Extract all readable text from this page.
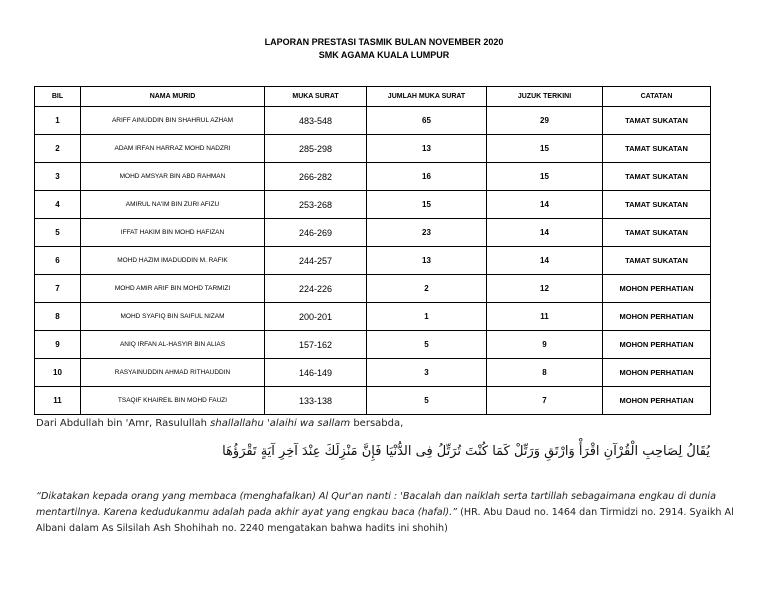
LAPORAN PRESTASI TASMIK BULAN NOVEMBER 2020
SMK AGAMA KUALA LUMPUR
BIL	NAMA MURID	MUKA SURAT	JUMLAH MUKA SURAT	JUZUK TERKINI	CATATAN
1	ARIFF AINUDDIN BIN SHAHRUL AZHAM	483-548	65	29	TAMAT SUKATAN
2	ADAM IRFAN HARRAZ MOHD NADZRI	285-298	13	15	TAMAT SUKATAN
3	MOHD AMSYAR BIN ABD RAHMAN	266-282	16	15	TAMAT SUKATAN
4	AMIRUL NA'IM BIN ZURI AFIZU	253-268	15	14	TAMAT SUKATAN
5	IFFAT HAKIM BIN MOHD HAFIZAN	246-269	23	14	TAMAT SUKATAN
6	MOHD HAZIM IMADUDDIN M. RAFIK	244-257	13	14	TAMAT SUKATAN
7	MOHD AMIR ARIF BIN MOHD TARMIZI	224-226	2	12	MOHON PERHATIAN
8	MOHD SYAFIQ BIN SAIFUL NIZAM	200-201	1	11	MOHON PERHATIAN
9	ANIQ IRFAN AL-HASYIR BIN ALIAS	157-162	5	9	MOHON PERHATIAN
10	RASYAINUDDIN AHMAD RITHAUDDIN	146-149	3	8	MOHON PERHATIAN
11	TSAQIF KHAIREIL BIN MOHD FAUZI	133-138	5	7	MOHON PERHATIAN
Dari Abdullah bin 'Amr, Rasulullah shallallahu 'alaihi wa sallam bersabda,
يُقَالُ لِصَاحِبِ الْقُرْآنِ اقْرَأْ وَارْتَقِ وَرَتِّلْ كَمَا كُنْتَ تُرَتِّلُ فِى الدُّنْيَا فَإِنَّ مَنْزِلَكَ عِنْدَ آخِرِ آيَةٍ تَقْرَؤُهَا
“Dikatakan kepada orang yang membaca (menghafalkan) Al Qur'an nanti : 'Bacalah dan naiklah serta tartillah sebagaimana engkau di dunia mentartilnya. Karena kedudukanmu adalah pada akhir ayat yang engkau baca (hafal).” (HR. Abu Daud no. 1464 dan Tirmidzi no. 2914. Syaikh Al Albani dalam As Silsilah Ash Shohihah no. 2240 mengatakan bahwa hadits ini shohih)
